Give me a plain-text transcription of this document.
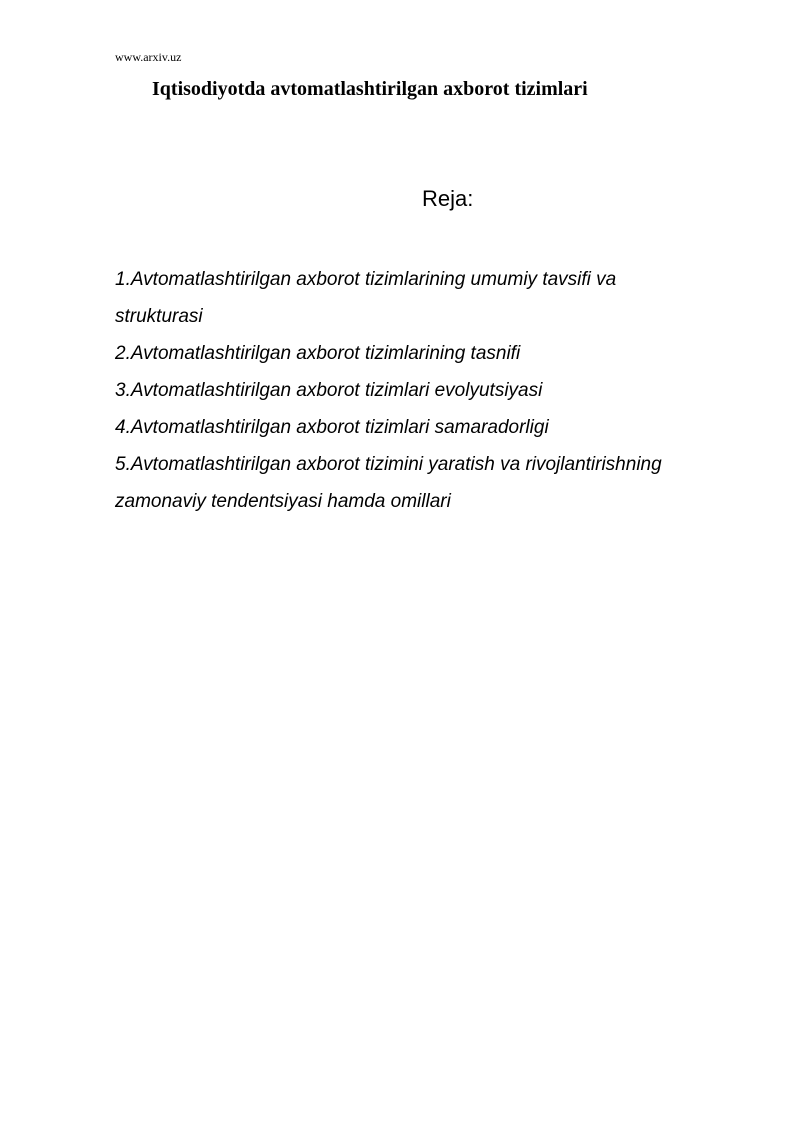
www.arxiv.uz
Iqtisodiyotda avtomatlashtirilgan axborot tizimlari
Reja:
1.Avtomatlashtirilgan axborot tizimlarining umumiy tavsifi va strukturasi
2.Avtomatlashtirilgan axborot tizimlarining tasnifi
3.Avtomatlashtirilgan axborot tizimlari evolyutsiyasi
4.Avtomatlashtirilgan axborot tizimlari samaradorligi
5.Avtomatlashtirilgan axborot tizimini yaratish va rivojlantirishning zamonaviy tendentsiyasi hamda omillari
